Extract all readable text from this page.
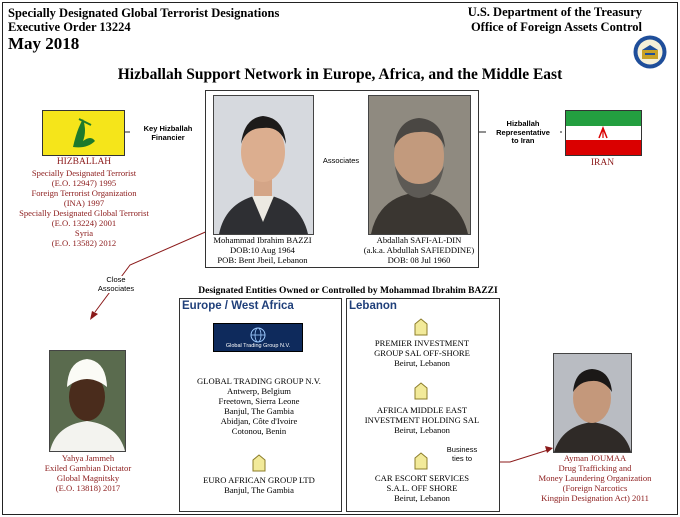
Specially Designated Global Terrorist Designations
Executive Order 13224
May 2018
U.S. Department of the Treasury
Office of Foreign Assets Control
Hizballah Support Network in Europe, Africa, and the Middle East
HIZBALLAH
Specially Designated Terrorist
(E.O. 12947) 1995
Foreign Terrorist Organization
(INA) 1997
Specially Designated Global Terrorist
(E.O. 13224) 2001
Syria
(E.O. 13582) 2012
Key Hizballah
Financier
Mohammad Ibrahim BAZZI
DOB:10 Aug 1964
POB: Bent Jbeil, Lebanon
Associates
Abdallah SAFI-AL-DIN
(a.k.a. Abdullah SAFIEDDINE)
DOB: 08 Jul 1960
Hizballah
Representative
to Iran
IRAN
Close
Associates	Designated Entities Owned or Controlled by Mohammad Ibrahim BAZZI
Europe / West Africa
Global Trading Group N.V.
GLOBAL TRADING GROUP N.V.
Antwerp, Belgium
Freetown, Sierra Leone
Banjul, The Gambia
Abidjan, Côte d'Ivoire
Cotonou, Benin
EURO AFRICAN GROUP LTD
Banjul, The Gambia
Lebanon
PREMIER INVESTMENT
GROUP SAL OFF-SHORE
Beirut, Lebanon
AFRICA MIDDLE EAST
INVESTMENT HOLDING SAL
Beirut, Lebanon
Business
ties to
CAR ESCORT SERVICES
S.A.L. OFF SHORE
Beirut, Lebanon
Yahya Jammeh
Exiled Gambian Dictator
Global Magnitsky
(E.O. 13818) 2017
Ayman JOUMAA
Drug Trafficking and
Money Laundering Organization
(Foreign Narcotics
Kingpin Designation Act) 2011
